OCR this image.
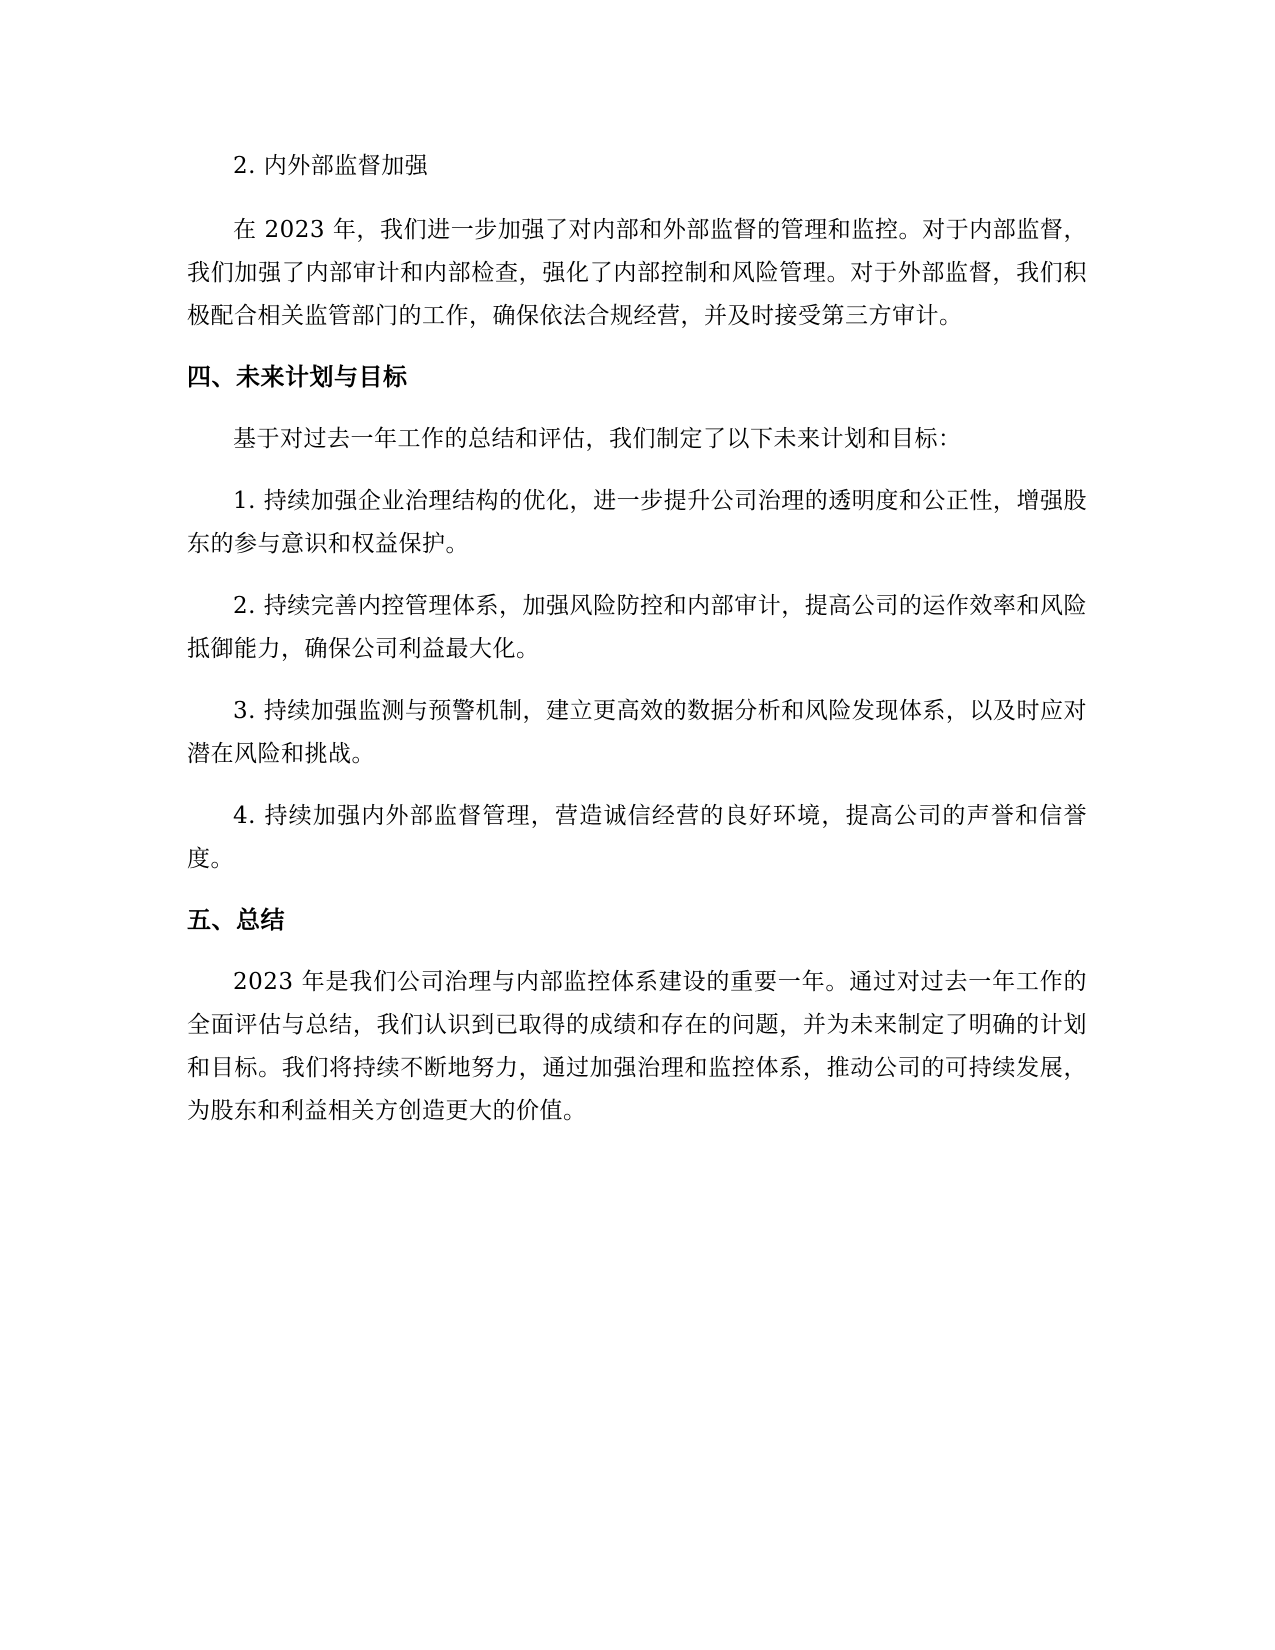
2. 内外部监督加强

在 2023 年，我们进一步加强了对内部和外部监督的管理和监控。对于内部监督，我们加强了内部审计和内部检查，强化了内部控制和风险管理。对于外部监督，我们积极配合相关监管部门的工作，确保依法合规经营，并及时接受第三方审计。

四、未来计划与目标

基于对过去一年工作的总结和评估，我们制定了以下未来计划和目标：

1. 持续加强企业治理结构的优化，进一步提升公司治理的透明度和公正性，增强股东的参与意识和权益保护。

2. 持续完善内控管理体系，加强风险防控和内部审计，提高公司的运作效率和风险抵御能力，确保公司利益最大化。

3. 持续加强监测与预警机制，建立更高效的数据分析和风险发现体系，以及时应对潜在风险和挑战。

4. 持续加强内外部监督管理，营造诚信经营的良好环境，提高公司的声誉和信誉度。

五、总结

2023 年是我们公司治理与内部监控体系建设的重要一年。通过对过去一年工作的全面评估与总结，我们认识到已取得的成绩和存在的问题，并为未来制定了明确的计划和目标。我们将持续不断地努力，通过加强治理和监控体系，推动公司的可持续发展，为股东和利益相关方创造更大的价值。
